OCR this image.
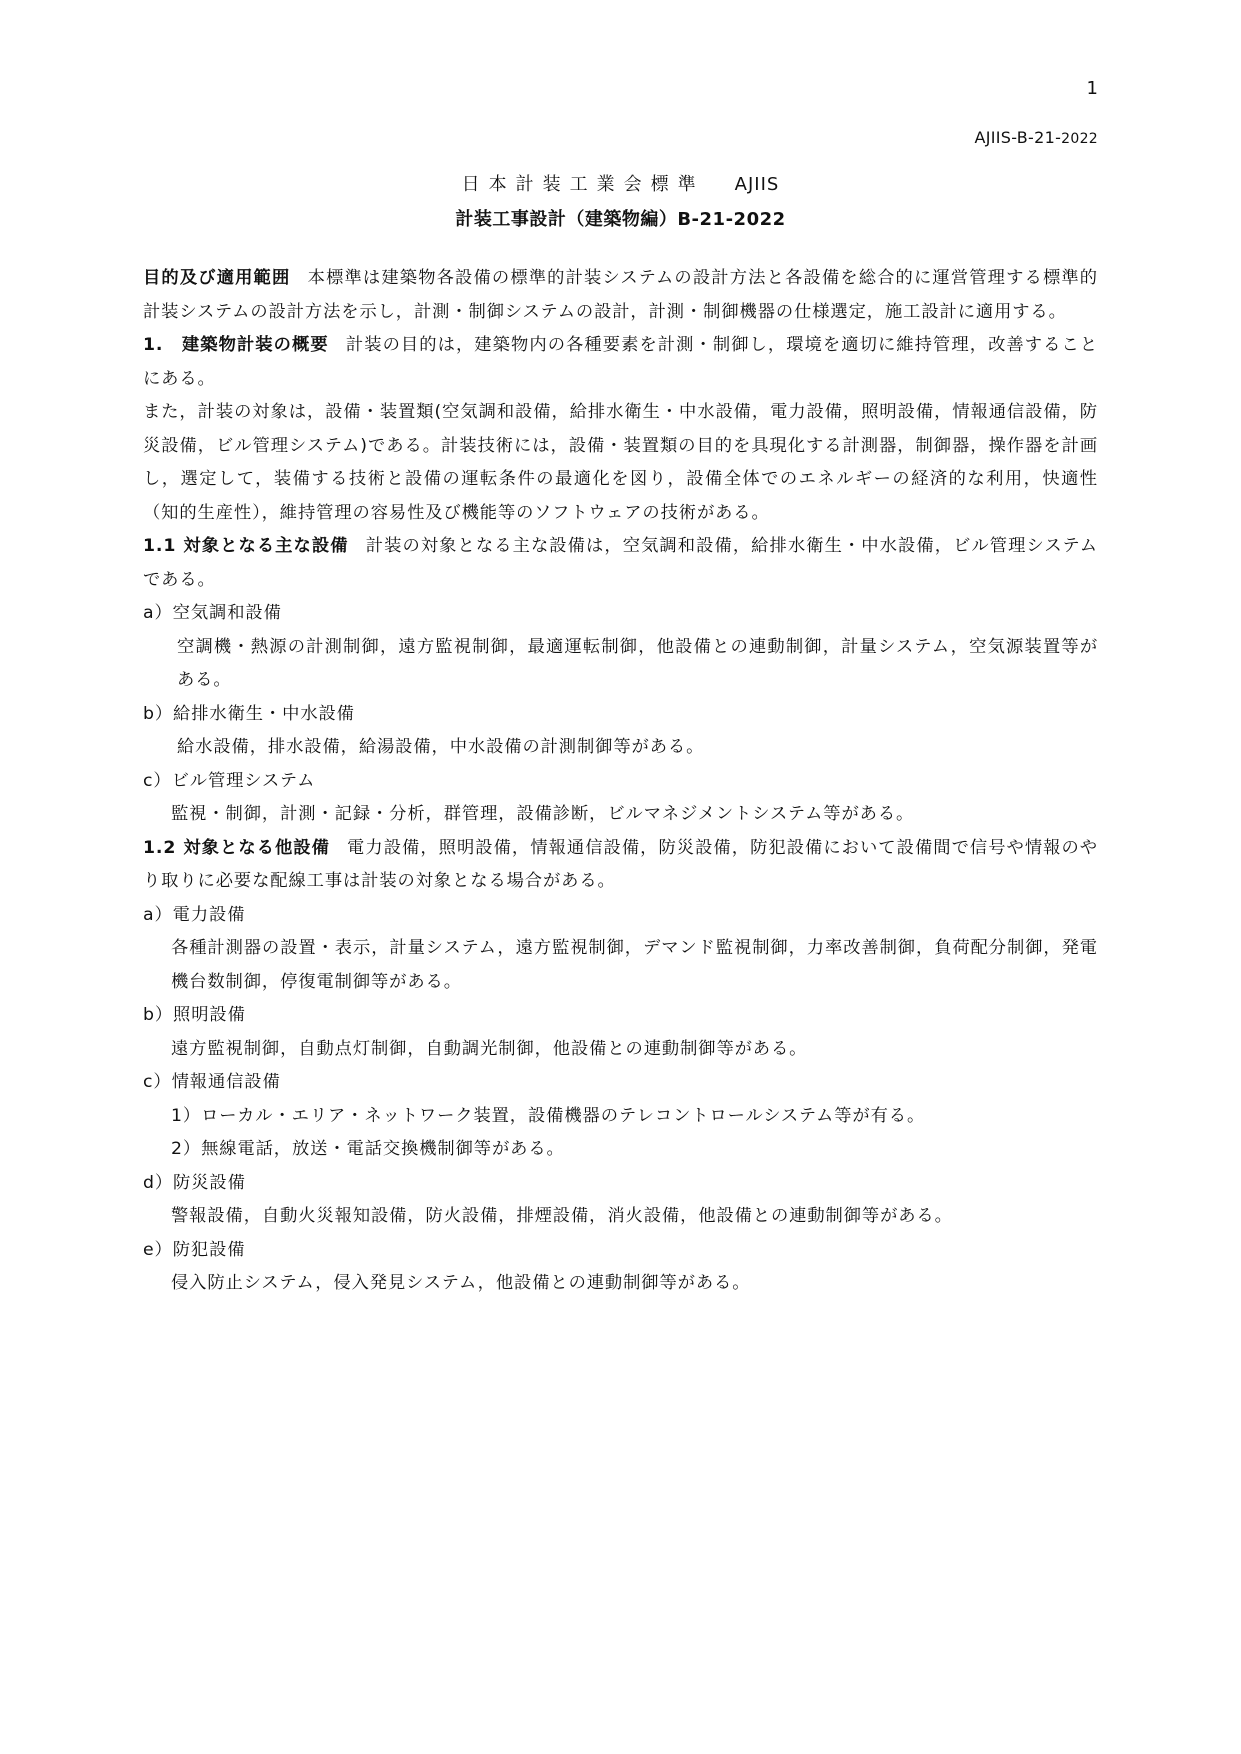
1
AJIIS-B-21-2022
日本計装工業会標準 AJIIS
計装工事設計（建築物編）B-21-2022

目的及び適用範囲 本標準は建築物各設備の標準的計装システムの設計方法と各設備を総合的に運営管理する標準的計装システムの設計方法を示し，計測・制御システムの設計，計測・制御機器の仕様選定，施工設計に適用する。

1.　建築物計装の概要 計装の目的は，建築物内の各種要素を計測・制御し，環境を適切に維持管理，改善することにある。

また，計装の対象は，設備・装置類(空気調和設備，給排水衛生・中水設備，電力設備，照明設備，情報通信設備，防災設備，ビル管理システム)である。計装技術には，設備・装置類の目的を具現化する計測器，制御器，操作器を計画し，選定して，装備する技術と設備の運転条件の最適化を図り，設備全体でのエネルギーの経済的な利用，快適性（知的生産性），維持管理の容易性及び機能等のソフトウェアの技術がある。

1.1 対象となる主な設備 計装の対象となる主な設備は，空気調和設備，給排水衛生・中水設備，ビル管理システムである。

a）空気調和設備

空調機・熱源の計測制御，遠方監視制御，最適運転制御，他設備との連動制御，計量システム，空気源装置等がある。

b）給排水衛生・中水設備

給水設備，排水設備，給湯設備，中水設備の計測制御等がある。

c）ビル管理システム

監視・制御，計測・記録・分析，群管理，設備診断，ビルマネジメントシステム等がある。

1.2 対象となる他設備 電力設備，照明設備，情報通信設備，防災設備，防犯設備において設備間で信号や情報のやり取りに必要な配線工事は計装の対象となる場合がある。

a）電力設備

各種計測器の設置・表示，計量システム，遠方監視制御，デマンド監視制御，力率改善制御，負荷配分制御，発電機台数制御，停復電制御等がある。

b）照明設備

遠方監視制御，自動点灯制御，自動調光制御，他設備との連動制御等がある。

c）情報通信設備

1）ローカル・エリア・ネットワーク装置，設備機器のテレコントロールシステム等が有る。

2）無線電話，放送・電話交換機制御等がある。

d）防災設備

警報設備，自動火災報知設備，防火設備，排煙設備，消火設備，他設備との連動制御等がある。

e）防犯設備

侵入防止システム，侵入発見システム，他設備との連動制御等がある。
